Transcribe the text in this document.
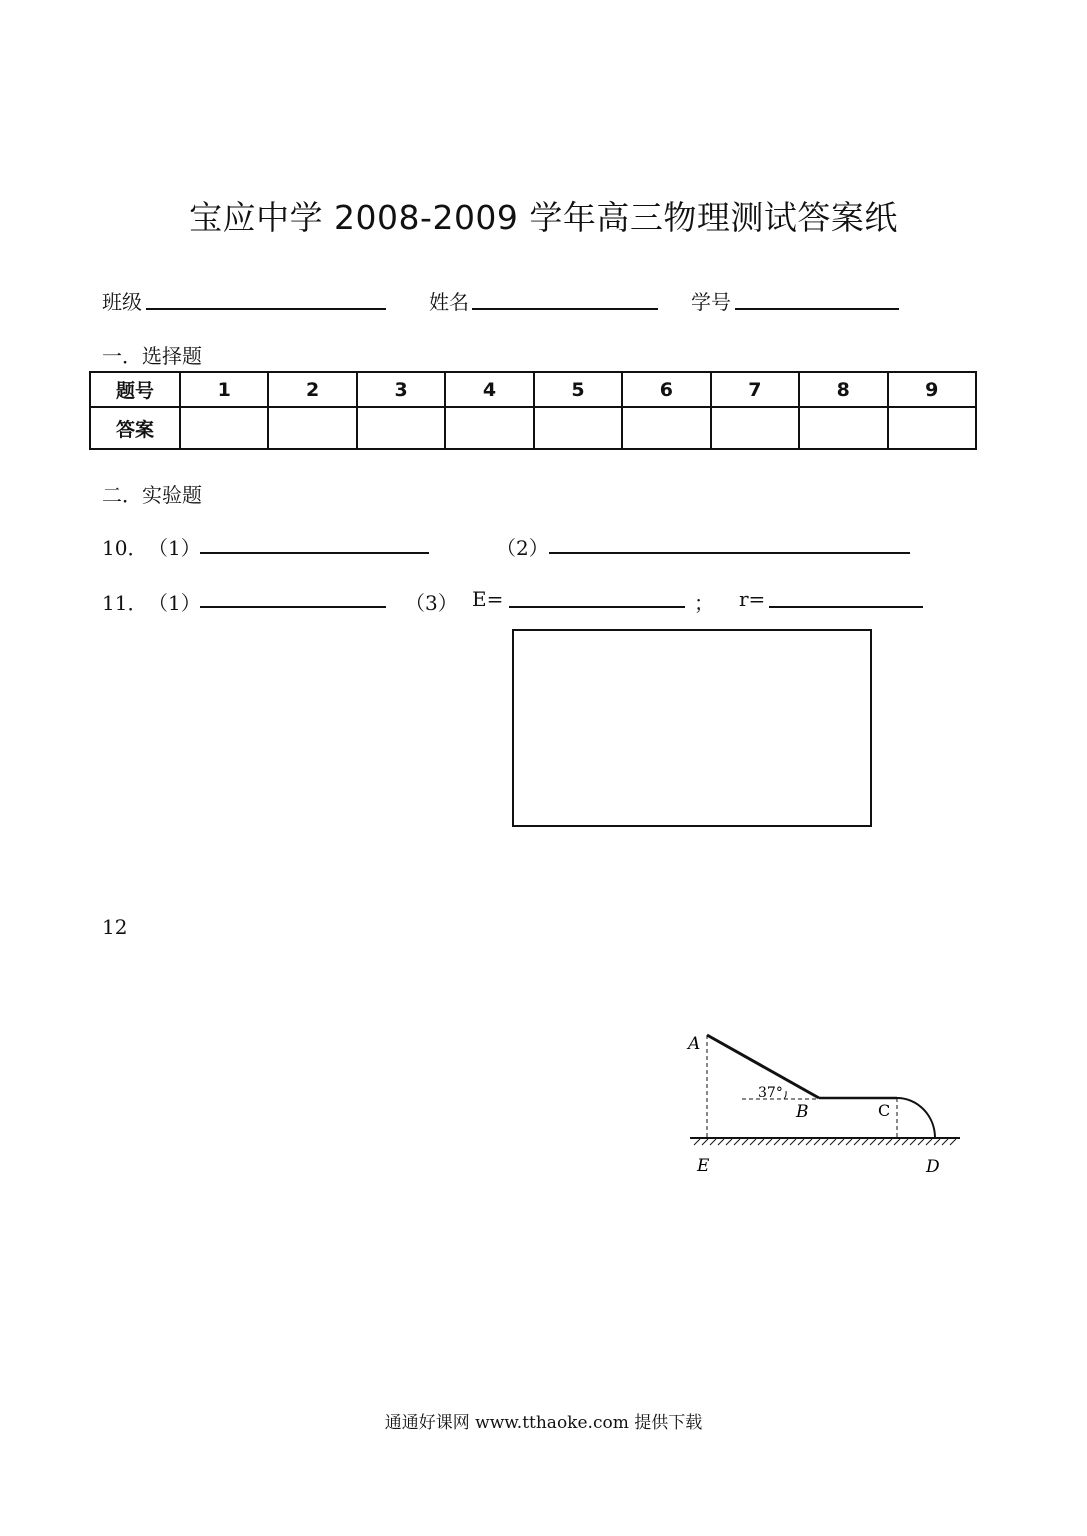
宝应中学 2008-2009 学年高三物理测试答案纸
班级	姓名	学号
一．选择题
题号	1	2	3	4	5	6	7	8	9
答案									
二．实验题
10． （1）	（2）
11． （1）	（3） E=	； r=
12
A
B	C
D
E
37°
通通好课网 www.tthaoke.com 提供下载
